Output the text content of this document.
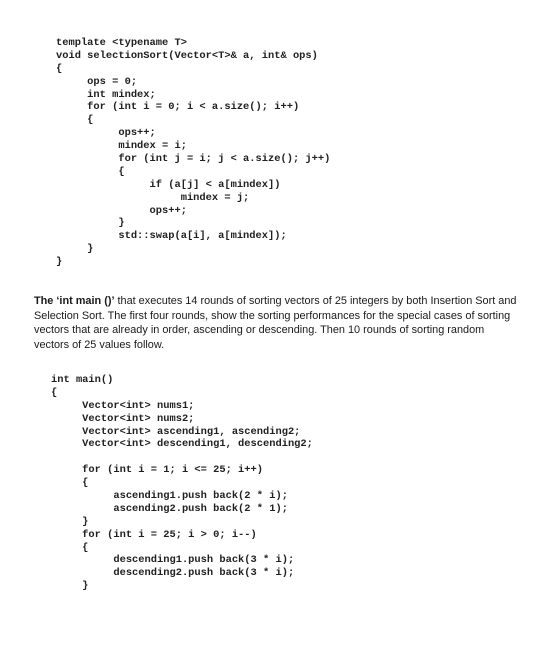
template <typename T>
void selectionSort(Vector<T>& a, int& ops)
{
ops = 0;
int mindex;
for (int i = 0; i < a.size(); i++)
{
ops++;
mindex = i;
for (int j = i; j < a.size(); j++)
{
if (a[j] < a[mindex])
mindex = j;
ops++;
}
std::swap(a[i], a[mindex]);
}
}

The ‘int main ()’ that executes 14 rounds of sorting vectors of 25 integers by both Insertion Sort and Selection Sort. The first four rounds, show the sorting performances for the special cases of sorting vectors that are already in order, ascending or descending. Then 10 rounds of sorting random vectors of 25 values follow.

int main()
{
Vector<int> nums1;
Vector<int> nums2;
Vector<int> ascending1, ascending2;
Vector<int> descending1, descending2;
for (int i = 1; i <= 25; i++)
{
ascending1.push back(2 * i);
ascending2.push back(2 * 1);
}
for (int i = 25; i > 0; i--)
{
descending1.push back(3 * i);
descending2.push back(3 * i);
}
